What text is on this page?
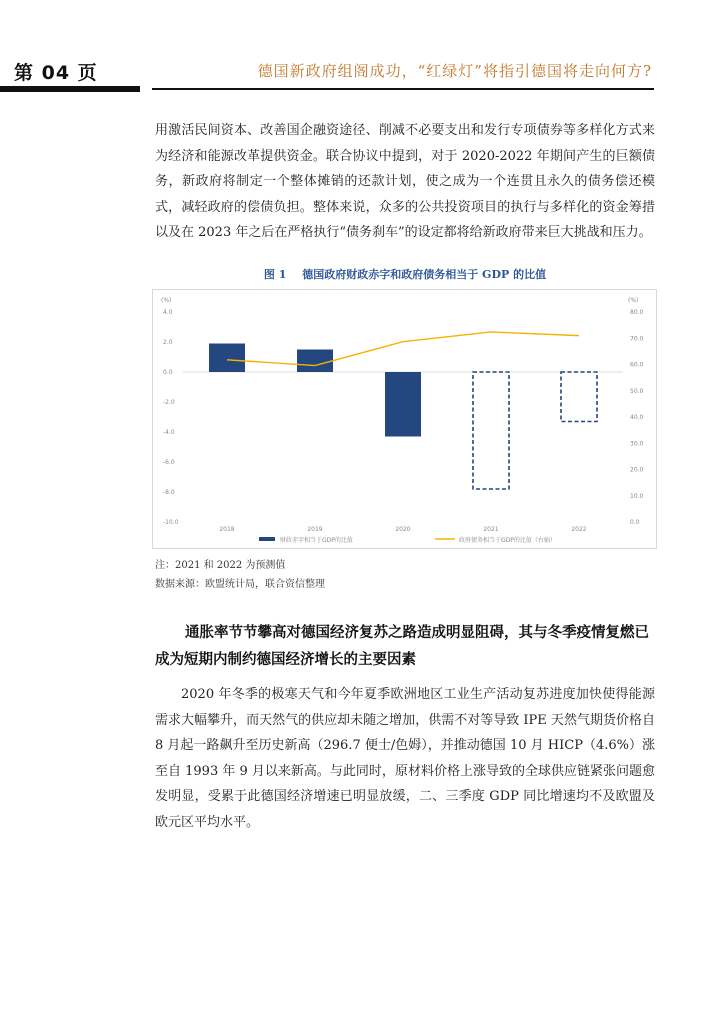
第 04 页	德国新政府组阁成功，“红绿灯”将指引德国将走向何方?
用激活民间资本、改善国企融资途径、削减不必要支出和发行专项债券等多样化方式来为经济和能源改革提供资金。联合协议中提到，对于 2020-2022 年期间产生的巨额债务，新政府将制定一个整体摊销的还款计划，使之成为一个连贯且永久的债务偿还模式，减轻政府的偿债负担。整体来说，众多的公共投资项目的执行与多样化的资金筹措以及在 2023 年之后在严格执行“债务刹车”的设定都将给新政府带来巨大挑战和压力。
图 1 德国政府财政赤字和政府债务相当于 GDP 的比值
(%)	(%)
4.0
2.0
0.0
-2.0
-4.0
-6.0
-8.0
-10.0
80.0
70.0
60.0
50.0
40.0
30.0
20.0
10.0
0.0
2018	2019	2020	2021	2022
财政赤字相当于GDP的比值	政府债务相当于GDP的比值（右轴）
注：2021 和 2022 为预测值
数据来源：欧盟统计局，联合资信整理
通胀率节节攀高对德国经济复苏之路造成明显阻碍，其与冬季疫情复燃已成为短期内制约德国经济增长的主要因素
2020 年冬季的极寒天气和今年夏季欧洲地区工业生产活动复苏进度加快使得能源需求大幅攀升，而天然气的供应却未随之增加，供需不对等导致 IPE 天然气期货价格自 8 月起一路飙升至历史新高（296.7 便士/色姆），并推动德国 10 月 HICP（4.6%）涨至自 1993 年 9 月以来新高。与此同时，原材料价格上涨导致的全球供应链紧张问题愈发明显，受累于此德国经济增速已明显放缓，二、三季度 GDP 同比增速均不及欧盟及欧元区平均水平。
